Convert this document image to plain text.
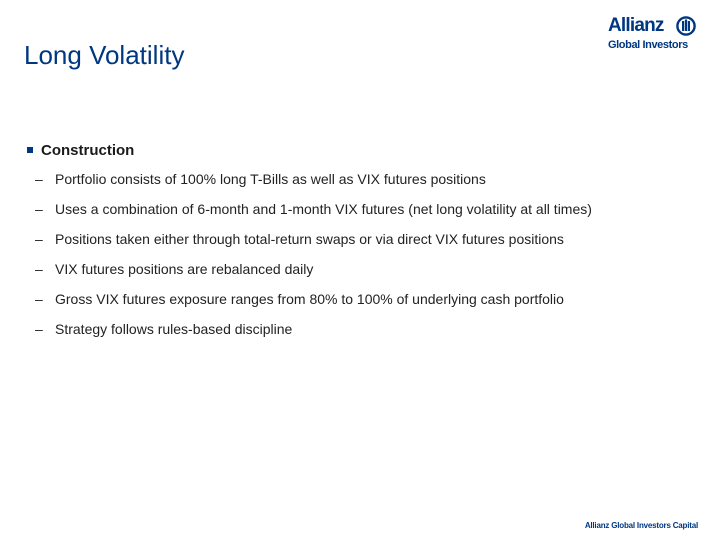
Long Volatility
Allianz
Global Investors
Construction
– Portfolio consists of 100% long T-Bills as well as VIX futures positions
– Uses a combination of 6-month and 1-month VIX futures (net long volatility at all times)
– Positions taken either through total-return swaps or via direct VIX futures positions
– VIX futures positions are rebalanced daily
– Gross VIX futures exposure ranges from 80% to 100% of underlying cash portfolio
– Strategy follows rules-based discipline
Allianz Global Investors Capital
